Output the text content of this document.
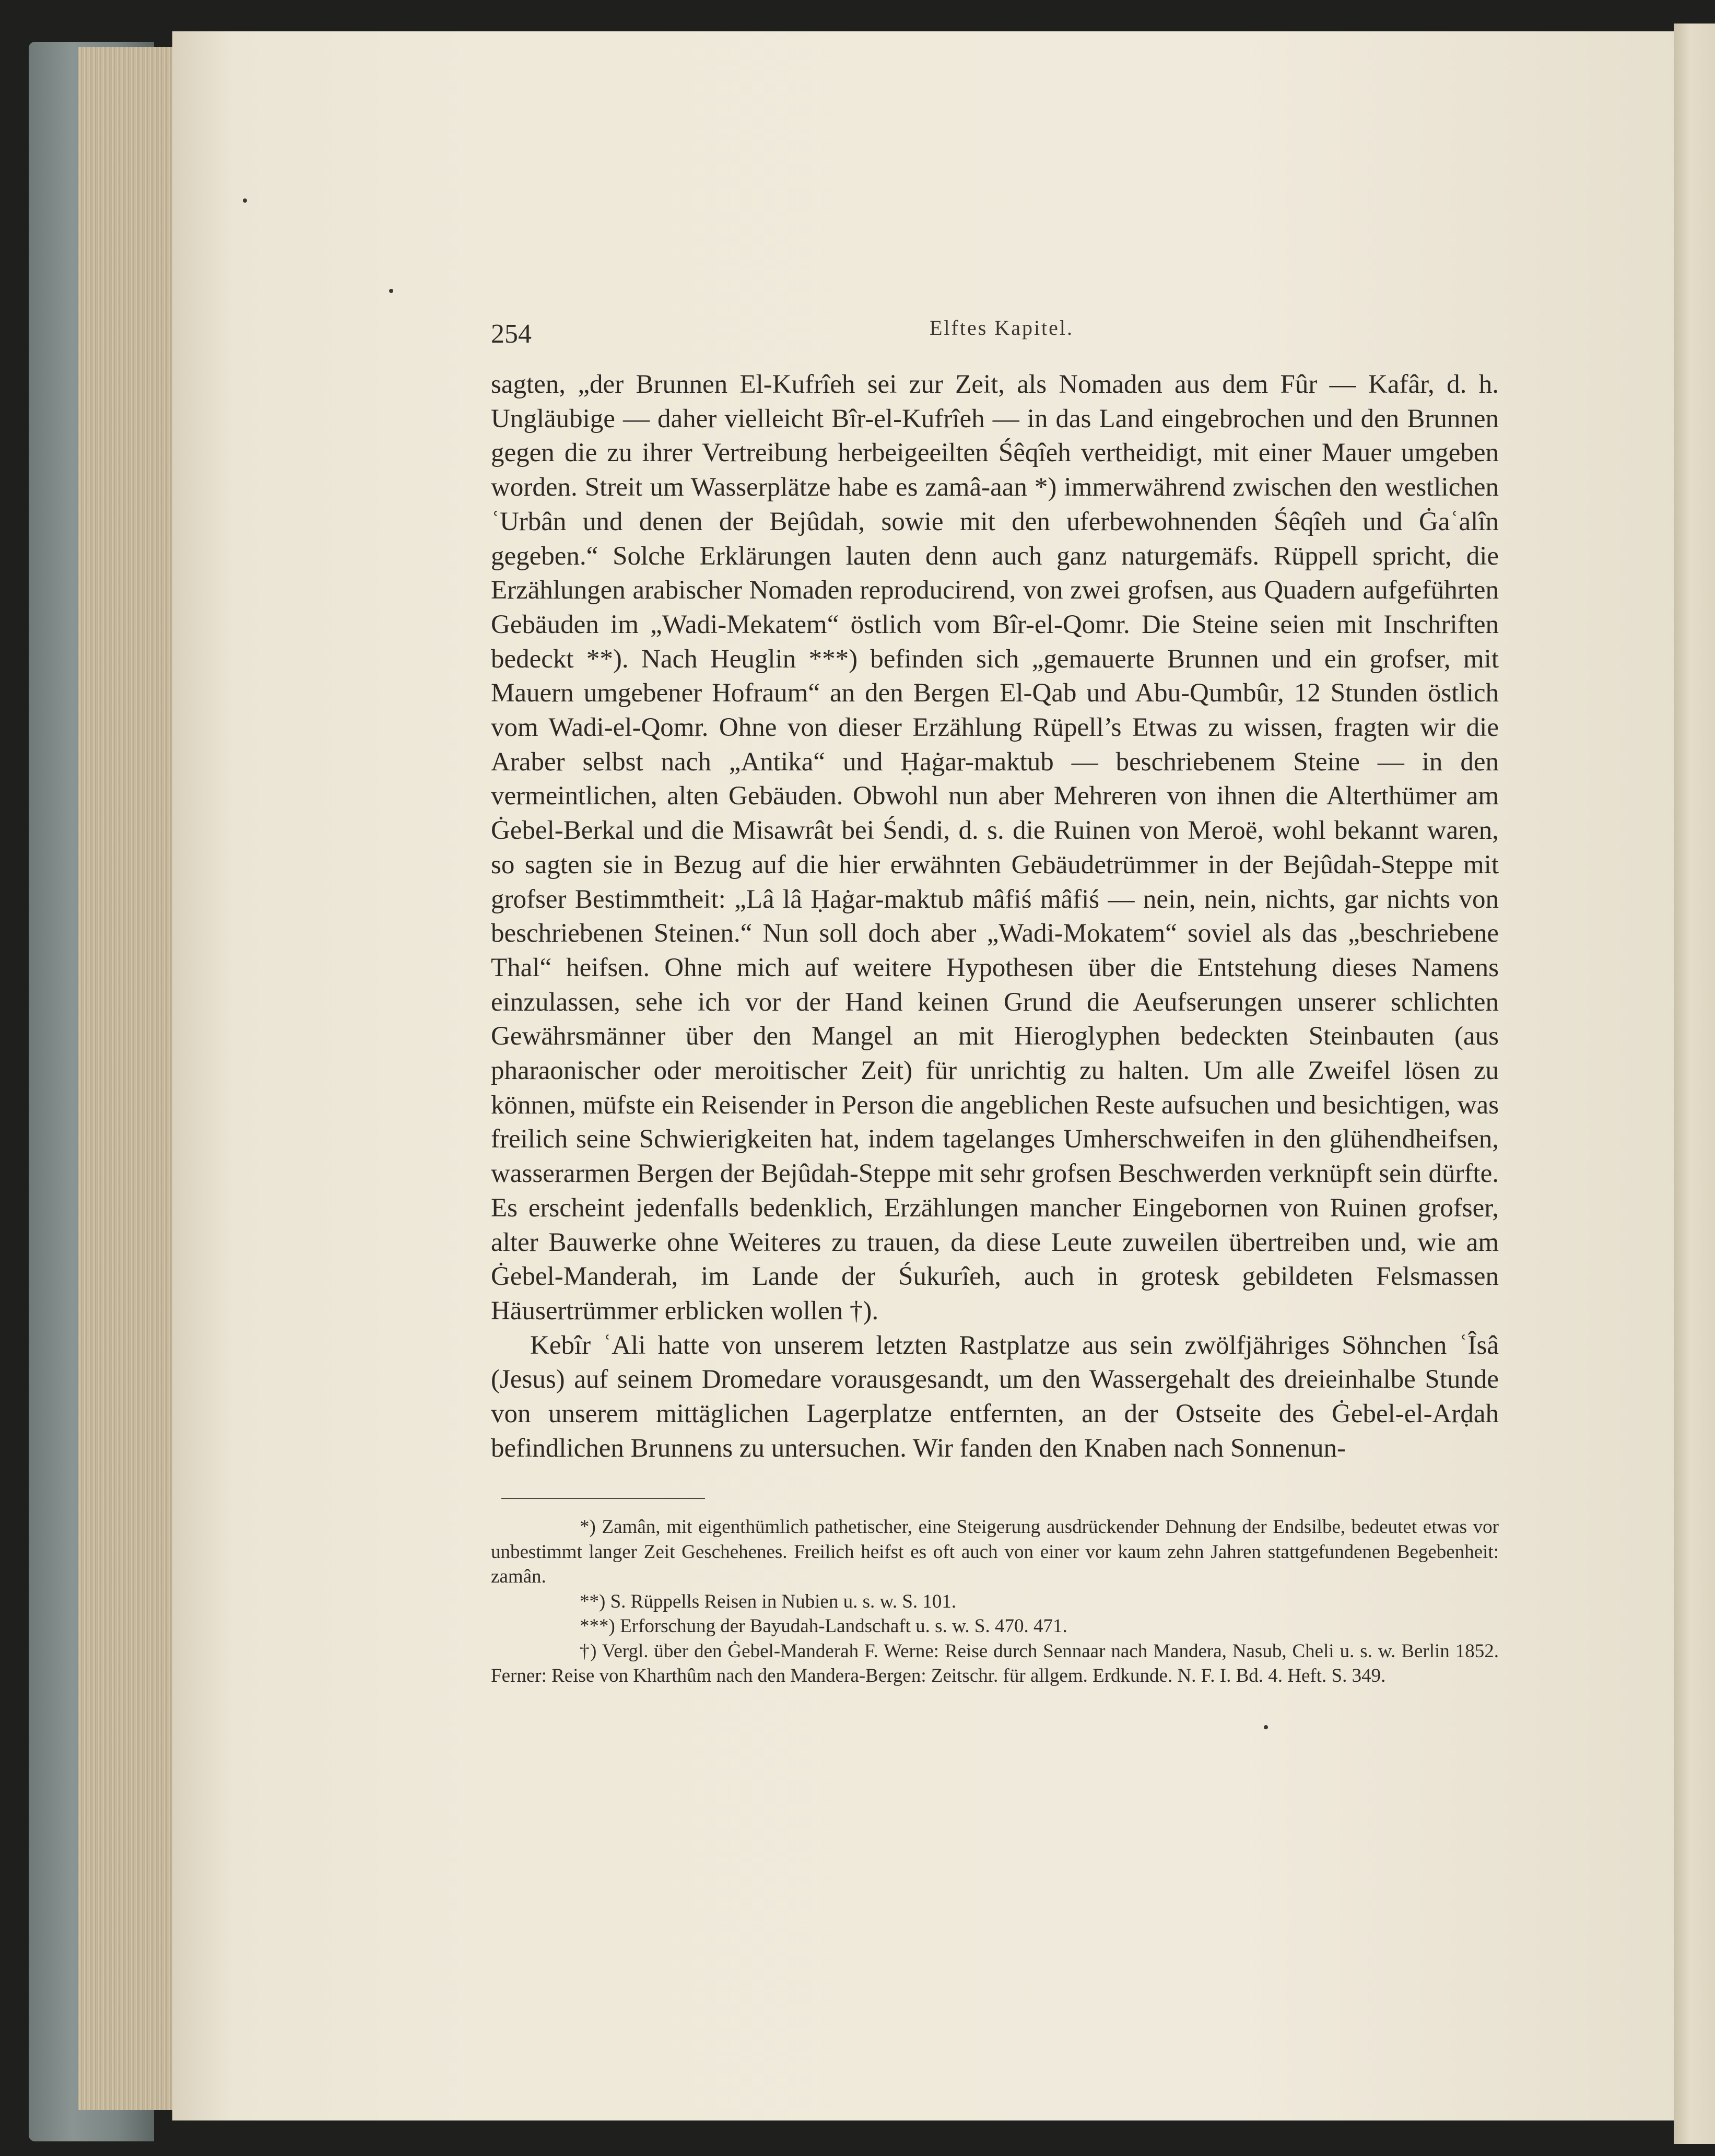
254	Elftes Kapitel.

sagten, „der Brunnen El-Kufrîeh sei zur Zeit, als Nomaden aus dem Fûr — Kafâr, d. h. Ungläubige — daher vielleicht Bîr-el-Kufrîeh — in das Land eingebrochen und den Brunnen gegen die zu ihrer Vertreibung herbeigeeilten Śêqîeh vertheidigt, mit einer Mauer umgeben worden. Streit um Wasserplätze habe es zamâ-aan *) immerwährend zwischen den westlichen ʿUrbân und denen der Bejûdah, sowie mit den uferbewohnenden Śêqîeh und Ġaʿalîn gegeben.“ Solche Erklärungen lauten denn auch ganz naturgemäfs. Rüppell spricht, die Erzählungen arabischer Nomaden reproducirend, von zwei grofsen, aus Quadern aufgeführten Gebäuden im „Wadi-Mekatem“ östlich vom Bîr-el-Qomr. Die Steine seien mit Inschriften bedeckt **). Nach Heuglin ***) befinden sich „gemauerte Brunnen und ein grofser, mit Mauern umgebener Hofraum“ an den Bergen El-Qab und Abu-Qumbûr, 12 Stunden östlich vom Wadi-el-Qomr. Ohne von dieser Erzählung Rüpell’s Etwas zu wissen, fragten wir die Araber selbst nach „Antika“ und Ḥaġar-maktub — beschriebenem Steine — in den vermeintlichen, alten Gebäuden. Obwohl nun aber Mehreren von ihnen die Alterthümer am Ġebel-Berkal und die Misawrât bei Śendi, d. s. die Ruinen von Meroë, wohl bekannt waren, so sagten sie in Bezug auf die hier erwähnten Gebäudetrümmer in der Bejûdah-Steppe mit grofser Bestimmtheit: „Lâ lâ Ḥaġar-maktub mâfiś mâfiś — nein, nein, nichts, gar nichts von beschriebenen Steinen.“ Nun soll doch aber „Wadi-Mokatem“ soviel als das „beschriebene Thal“ heifsen. Ohne mich auf weitere Hypothesen über die Entstehung dieses Namens einzulassen, sehe ich vor der Hand keinen Grund die Aeufserungen unserer schlichten Gewährsmänner über den Mangel an mit Hieroglyphen bedeckten Steinbauten (aus pharaonischer oder meroitischer Zeit) für unrichtig zu halten. Um alle Zweifel lösen zu können, müfste ein Reisender in Person die angeblichen Reste aufsuchen und besichtigen, was freilich seine Schwierigkeiten hat, indem tagelanges Umherschweifen in den glühendheifsen, wasserarmen Bergen der Bejûdah-Steppe mit sehr grofsen Beschwerden verknüpft sein dürfte. Es erscheint jedenfalls bedenklich, Erzählungen mancher Eingebornen von Ruinen grofser, alter Bauwerke ohne Weiteres zu trauen, da diese Leute zuweilen übertreiben und, wie am Ġebel-Manderah, im Lande der Śukurîeh, auch in grotesk gebildeten Felsmassen Häusertrümmer erblicken wollen †).

Kebîr ʿAli hatte von unserem letzten Rastplatze aus sein zwölfjähriges Söhnchen ʿÎsâ (Jesus) auf seinem Dromedare vorausgesandt, um den Wassergehalt des dreieinhalbe Stunde von unserem mittäglichen Lagerplatze entfernten, an der Ostseite des Ġebel-el-Arḍah befindlichen Brunnens zu untersuchen. Wir fanden den Knaben nach Sonnenun-

*) Zamân, mit eigenthümlich pathetischer, eine Steigerung ausdrückender Dehnung der Endsilbe, bedeutet etwas vor unbestimmt langer Zeit Geschehenes. Freilich heifst es oft auch von einer vor kaum zehn Jahren stattgefundenen Begebenheit: zamân.

**) S. Rüppells Reisen in Nubien u. s. w. S. 101.

***) Erforschung der Bayudah-Landschaft u. s. w. S. 470. 471.

†) Vergl. über den Ġebel-Manderah F. Werne: Reise durch Sennaar nach Mandera, Nasub, Cheli u. s. w. Berlin 1852. Ferner: Reise von Kharthûm nach den Mandera-Bergen: Zeitschr. für allgem. Erdkunde. N. F. I. Bd. 4. Heft. S. 349.
